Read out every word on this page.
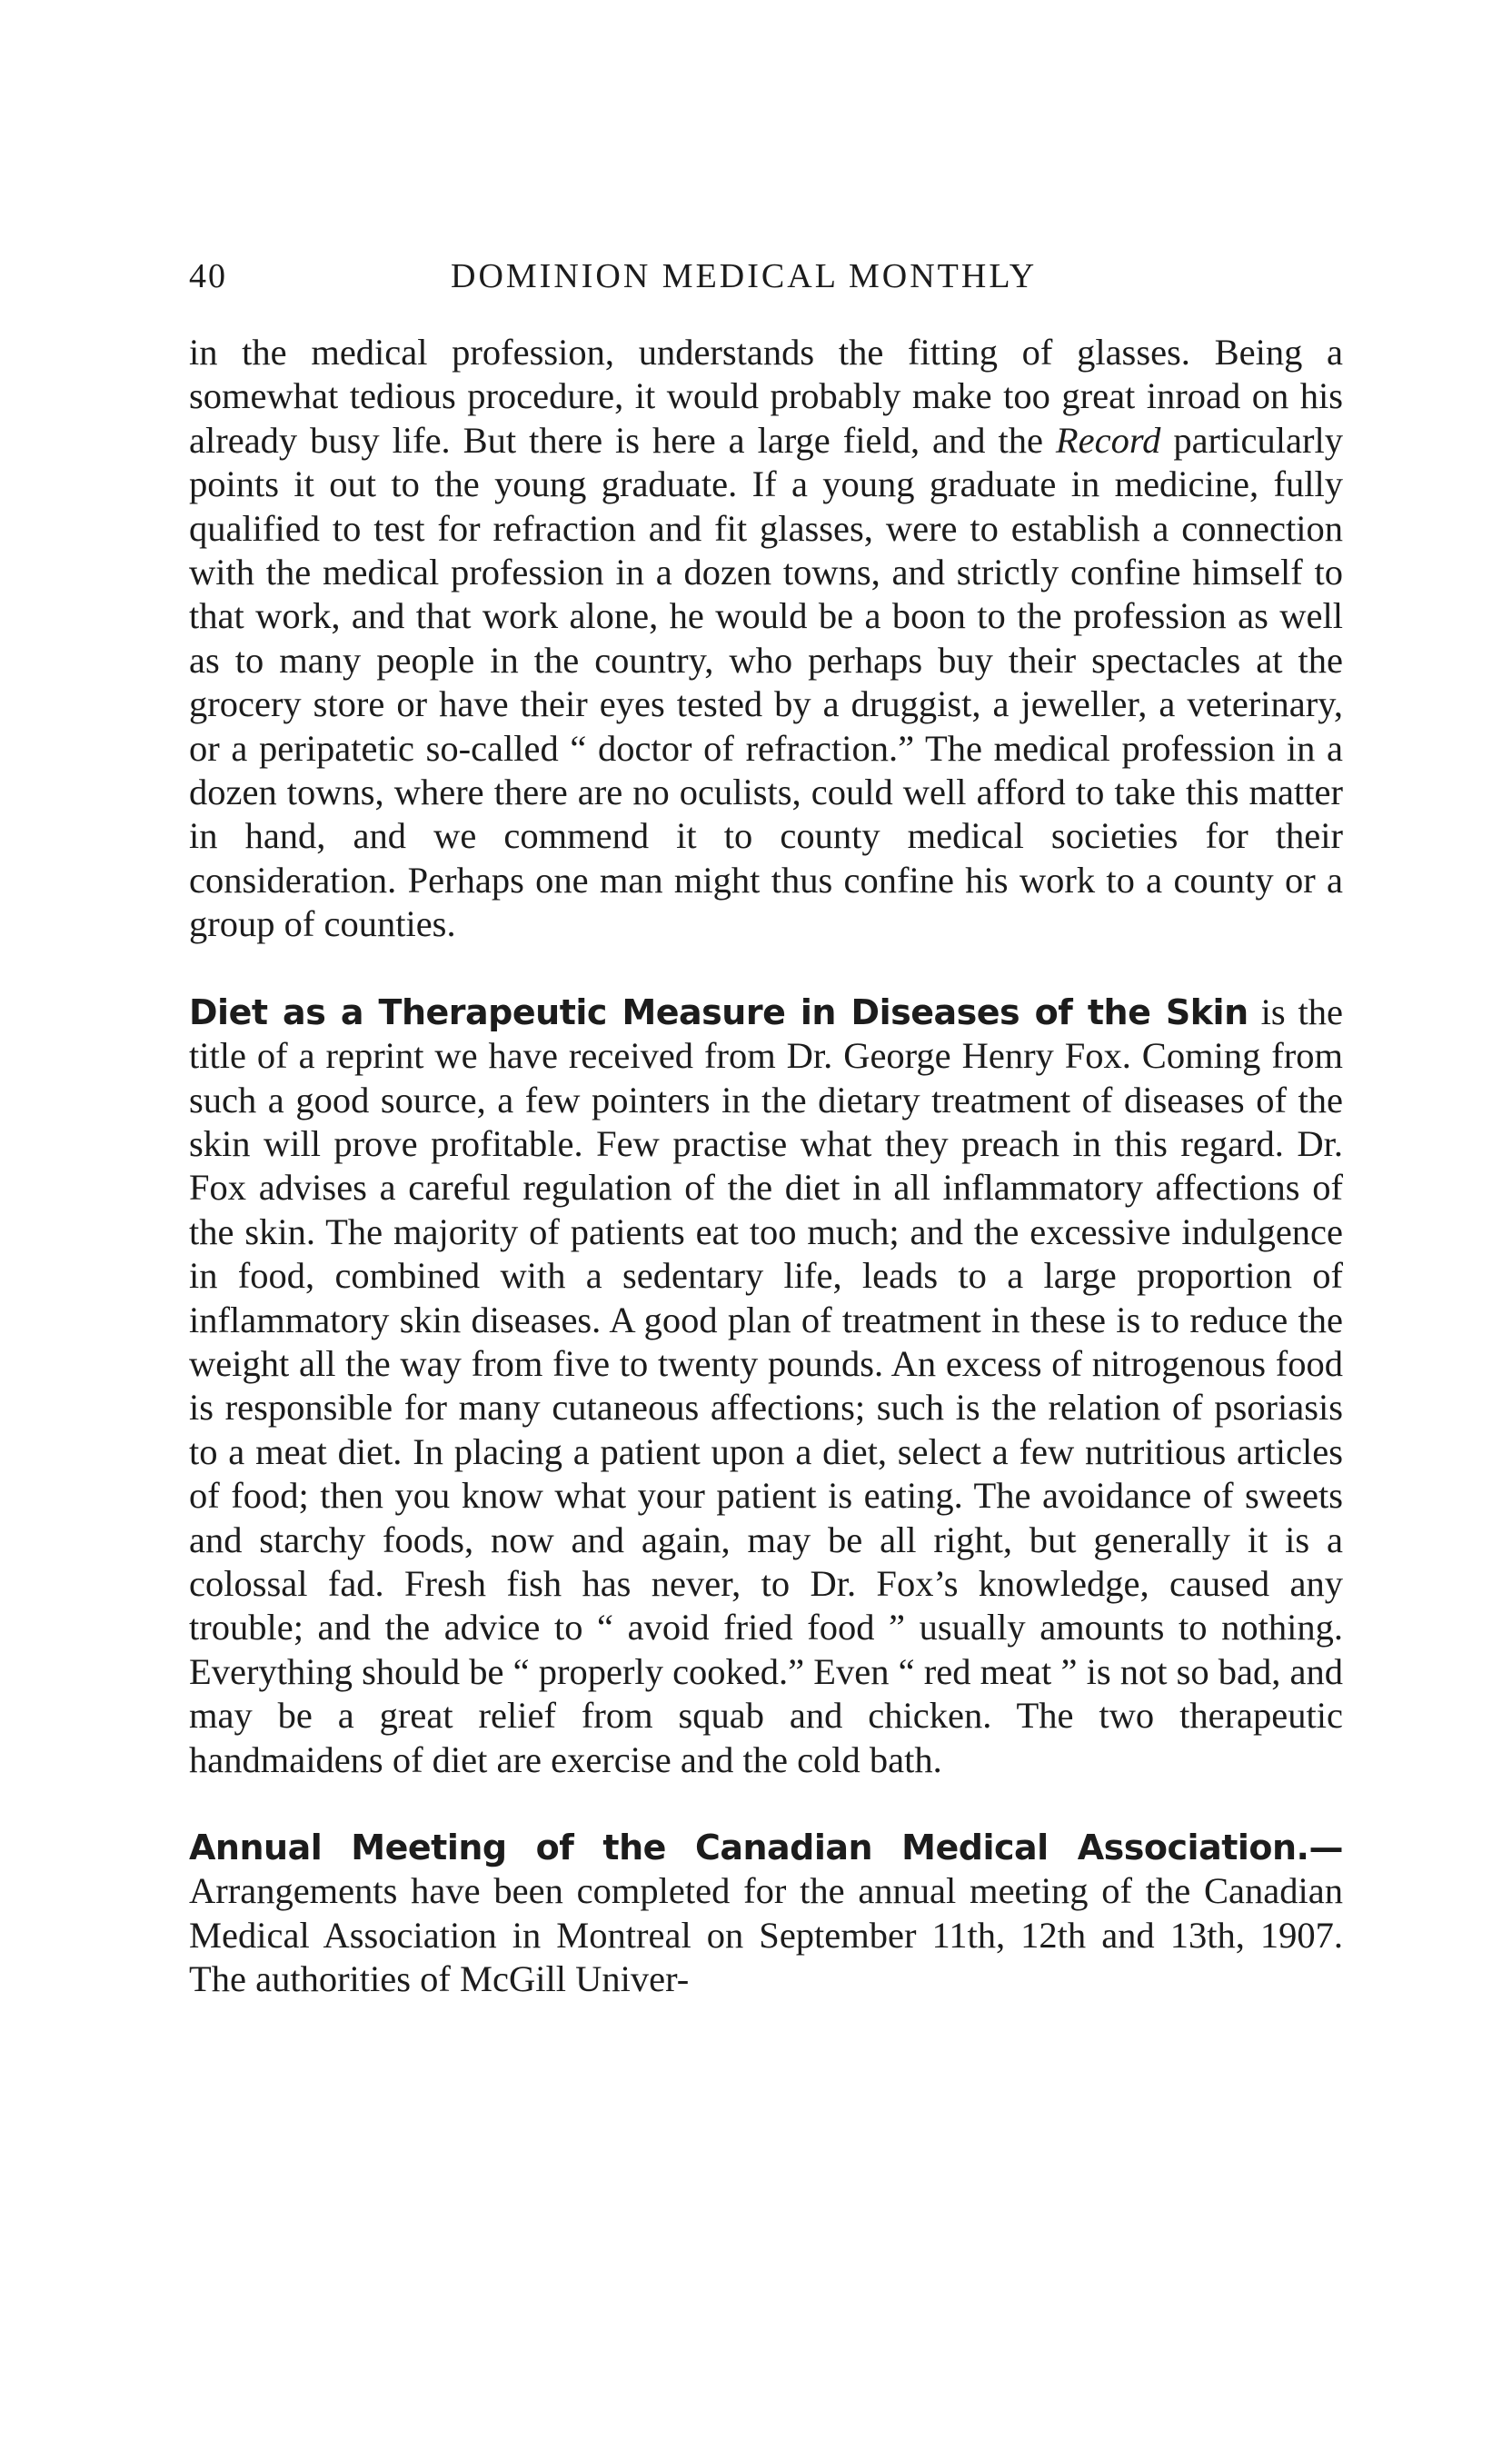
40	DOMINION MEDICAL MONTHLY

in the medical profession, understands the fitting of glasses. Being a somewhat tedious procedure, it would probably make too great inroad on his already busy life. But there is here a large field, and the Record particularly points it out to the young graduate. If a young graduate in medicine, fully qualified to test for refraction and fit glasses, were to establish a connection with the medical profession in a dozen towns, and strictly confine himself to that work, and that work alone, he would be a boon to the profession as well as to many people in the country, who perhaps buy their spectacles at the grocery store or have their eyes tested by a druggist, a jeweller, a veterinary, or a peripatetic so-called “ doctor of refraction.” The medical profession in a dozen towns, where there are no oculists, could well afford to take this matter in hand, and we commend it to county medical societies for their consideration. Perhaps one man might thus confine his work to a county or a group of counties.

Diet as a Therapeutic Measure in Diseases of the Skin is the title of a reprint we have received from Dr. George Henry Fox. Coming from such a good source, a few pointers in the dietary treatment of diseases of the skin will prove profitable. Few practise what they preach in this regard. Dr. Fox advises a careful regulation of the diet in all inflammatory affections of the skin. The majority of patients eat too much; and the excessive indulgence in food, combined with a sedentary life, leads to a large proportion of inflammatory skin diseases. A good plan of treatment in these is to reduce the weight all the way from five to twenty pounds. An excess of nitrogenous food is responsible for many cutaneous affections; such is the relation of psoriasis to a meat diet. In placing a patient upon a diet, select a few nutritious articles of food; then you know what your patient is eating. The avoidance of sweets and starchy foods, now and again, may be all right, but generally it is a colossal fad. Fresh fish has never, to Dr. Fox’s knowledge, caused any trouble; and the advice to “ avoid fried food ” usually amounts to nothing. Everything should be “ properly cooked.” Even “ red meat ” is not so bad, and may be a great relief from squab and chicken. The two therapeutic handmaidens of diet are exercise and the cold bath.

Annual Meeting of the Canadian Medical Association.— Arrangements have been completed for the annual meeting of the Canadian Medical Association in Montreal on September 11th, 12th and 13th, 1907. The authorities of McGill Univer-
